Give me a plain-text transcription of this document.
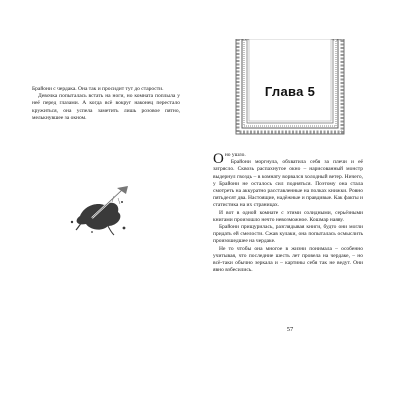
Брайони с чердака. Она так и просидит тут до старости.

Девочка попыталась встать на ноги, но комната поплыла у неё перед глазами. А когда всё вокруг наконец перестало кружиться, она успела заметить лишь розовое пятно, мелькнувшее за окном.

Глава 5

Оно ушло.

Брайони моргнула, обхватила себя за плечи и её затрясло. Сквозь распахнутое окно – нарисованный монстр выдернул гвоздь – в комнату ворвался холодный ветер. Ничего, у Брайони не осталось сил подняться. Поэтому она стала смотреть на аккуратно расставленные на полках книжки. Ровно пятьдесят два. Настоящие, надёжные и правдивые. Как факты и статистика на их страницах.

И вот в одной комнате с этими солидными, серьёзными книгами произошло нечто невозможное. Кошмар наяву.

Брайони прищурилась, разглядывая книги, будто они могли придать ей смелости. Сжав кулаки, она попыталась осмыслить произошедшее на чердаке.

Не то чтобы она многое в жизни понимала – особенно учитывая, что последние шесть лет провела на чердаке, – но всё-таки обычно зеркала и – картины себя так не ведут. Они явно взбесились.

57
